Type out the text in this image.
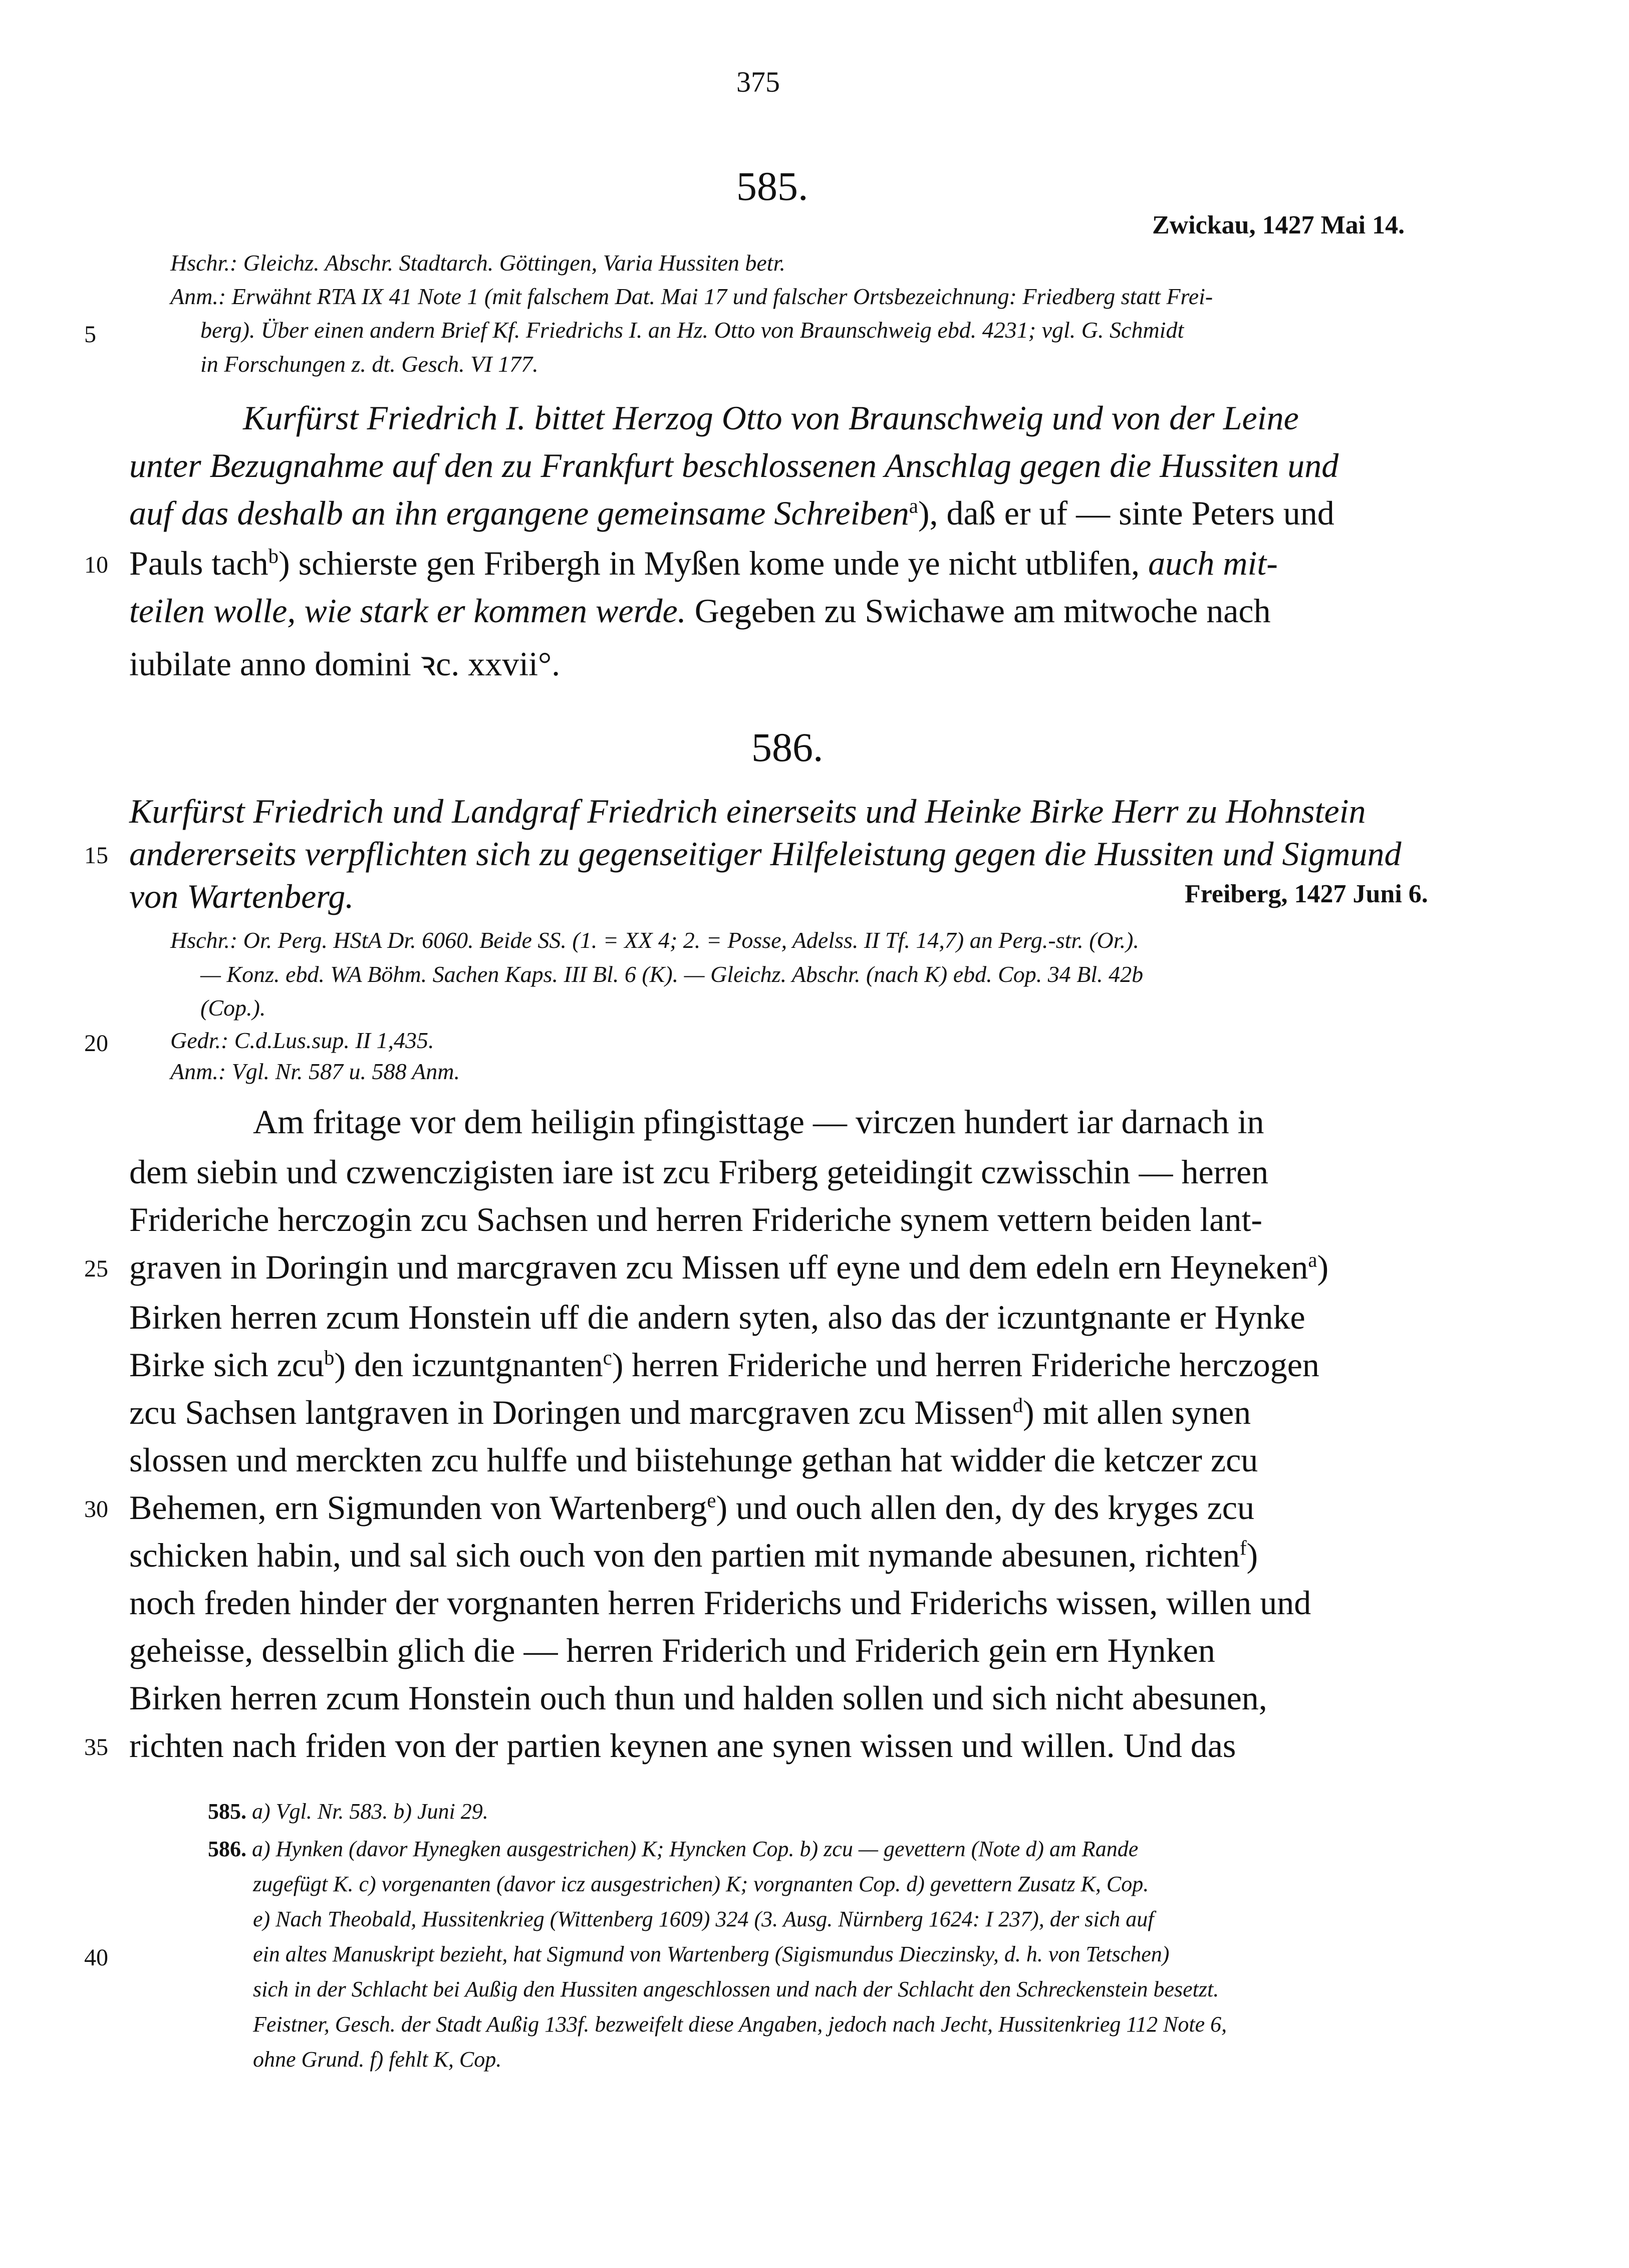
375
585.
Zwickau, 1427 Mai 14.
Hschr.: Gleichz. Abschr. Stadtarch. Göttingen, Varia Hussiten betr.
Anm.: Erwähnt RTA IX 41 Note 1 (mit falschem Dat. Mai 17 und falscher Ortsbezeichnung: Friedberg statt Frei-
berg). Über einen andern Brief Kf. Friedrichs I. an Hz. Otto von Braunschweig ebd. 4231; vgl. G. Schmidt
in Forschungen z. dt. Gesch. VI 177.
Kurfürst Friedrich I. bittet Herzog Otto von Braunschweig und von der Leine
unter Bezugnahme auf den zu Frankfurt beschlossenen Anschlag gegen die Hussiten und
auf das deshalb an ihn ergangene gemeinsame Schreiben$^a$), daß er uf — sinte Peters und
Pauls tach$^b$) schierste gen Fribergh in Myßen kome unde ye nicht utblifen, auch mit-
teilen wolle, wie stark er kommen werde. Gegeben zu Swichawe am mitwoche nach
iubilate anno domini ꝛc. xxvii°.
586.
Kurfürst Friedrich und Landgraf Friedrich einerseits und Heinke Birke Herr zu Hohnstein
andererseits verpflichten sich zu gegenseitiger Hilfeleistung gegen die Hussiten und Sigmund
von Wartenberg.	Freiberg, 1427 Juni 6.
Hschr.: Or. Perg. HStA Dr. 6060. Beide SS. (1. = XX 4; 2. = Posse, Adelss. II Tf. 14,7) an Perg.-str. (Or.).
— Konz. ebd. WA Böhm. Sachen Kaps. III Bl. 6 (K). — Gleichz. Abschr. (nach K) ebd. Cop. 34 Bl. 42b
(Cop.).
Gedr.: C.d.Lus.sup. II 1,435.
Anm.: Vgl. Nr. 587 u. 588 Anm.
Am fritage vor dem heiligin pfingisttage — virczen hundert iar darnach in
dem siebin und czwenczigisten iare ist zcu Friberg geteidingit czwisschin — herren
Frideriche herczogin zcu Sachsen und herren Frideriche synem vettern beiden lant-
graven in Doringin und marcgraven zcu Missen uff eyne und dem edeln ern Heyneken$^a$)
Birken herren zcum Honstein uff die andern syten, also das der iczuntgnante er Hynke
Birke sich zcu$^b$) den iczuntgnanten$^c$) herren Frideriche und herren Frideriche herczogen
zcu Sachsen lantgraven in Doringen und marcgraven zcu Missen$^d$) mit allen synen
slossen und merckten zcu hulffe und biistehunge gethan hat widder die ketczer zcu
Behemen, ern Sigmunden von Wartenberg$^e$) und ouch allen den, dy des kryges zcu
schicken habin, und sal sich ouch von den partien mit nymande abesunen, richten$^f$)
noch freden hinder der vorgnanten herren Friderichs und Friderichs wissen, willen und
geheisse, desselbin glich die — herren Friderich und Friderich gein ern Hynken
Birken herren zcum Honstein ouch thun und halden sollen und sich nicht abesunen,
richten nach friden von der partien keynen ane synen wissen und willen. Und das
585. a) Vgl. Nr. 583. b) Juni 29.
586. a) Hynken (davor Hynegken ausgestrichen) K; Hyncken Cop. b) zcu — gevettern (Note d) am Rande
zugefügt K. c) vorgenanten (davor icz ausgestrichen) K; vorgnanten Cop. d) gevettern Zusatz K, Cop.
e) Nach Theobald, Hussitenkrieg (Wittenberg 1609) 324 (3. Ausg. Nürnberg 1624: I 237), der sich auf
ein altes Manuskript bezieht, hat Sigmund von Wartenberg (Sigismundus Dieczinsky, d. h. von Tetschen)
sich in der Schlacht bei Außig den Hussiten angeschlossen und nach der Schlacht den Schreckenstein besetzt.
Feistner, Gesch. der Stadt Außig 133f. bezweifelt diese Angaben, jedoch nach Jecht, Hussitenkrieg 112 Note 6,
ohne Grund. f) fehlt K, Cop.
5
10
15
20
25
30
35
40
